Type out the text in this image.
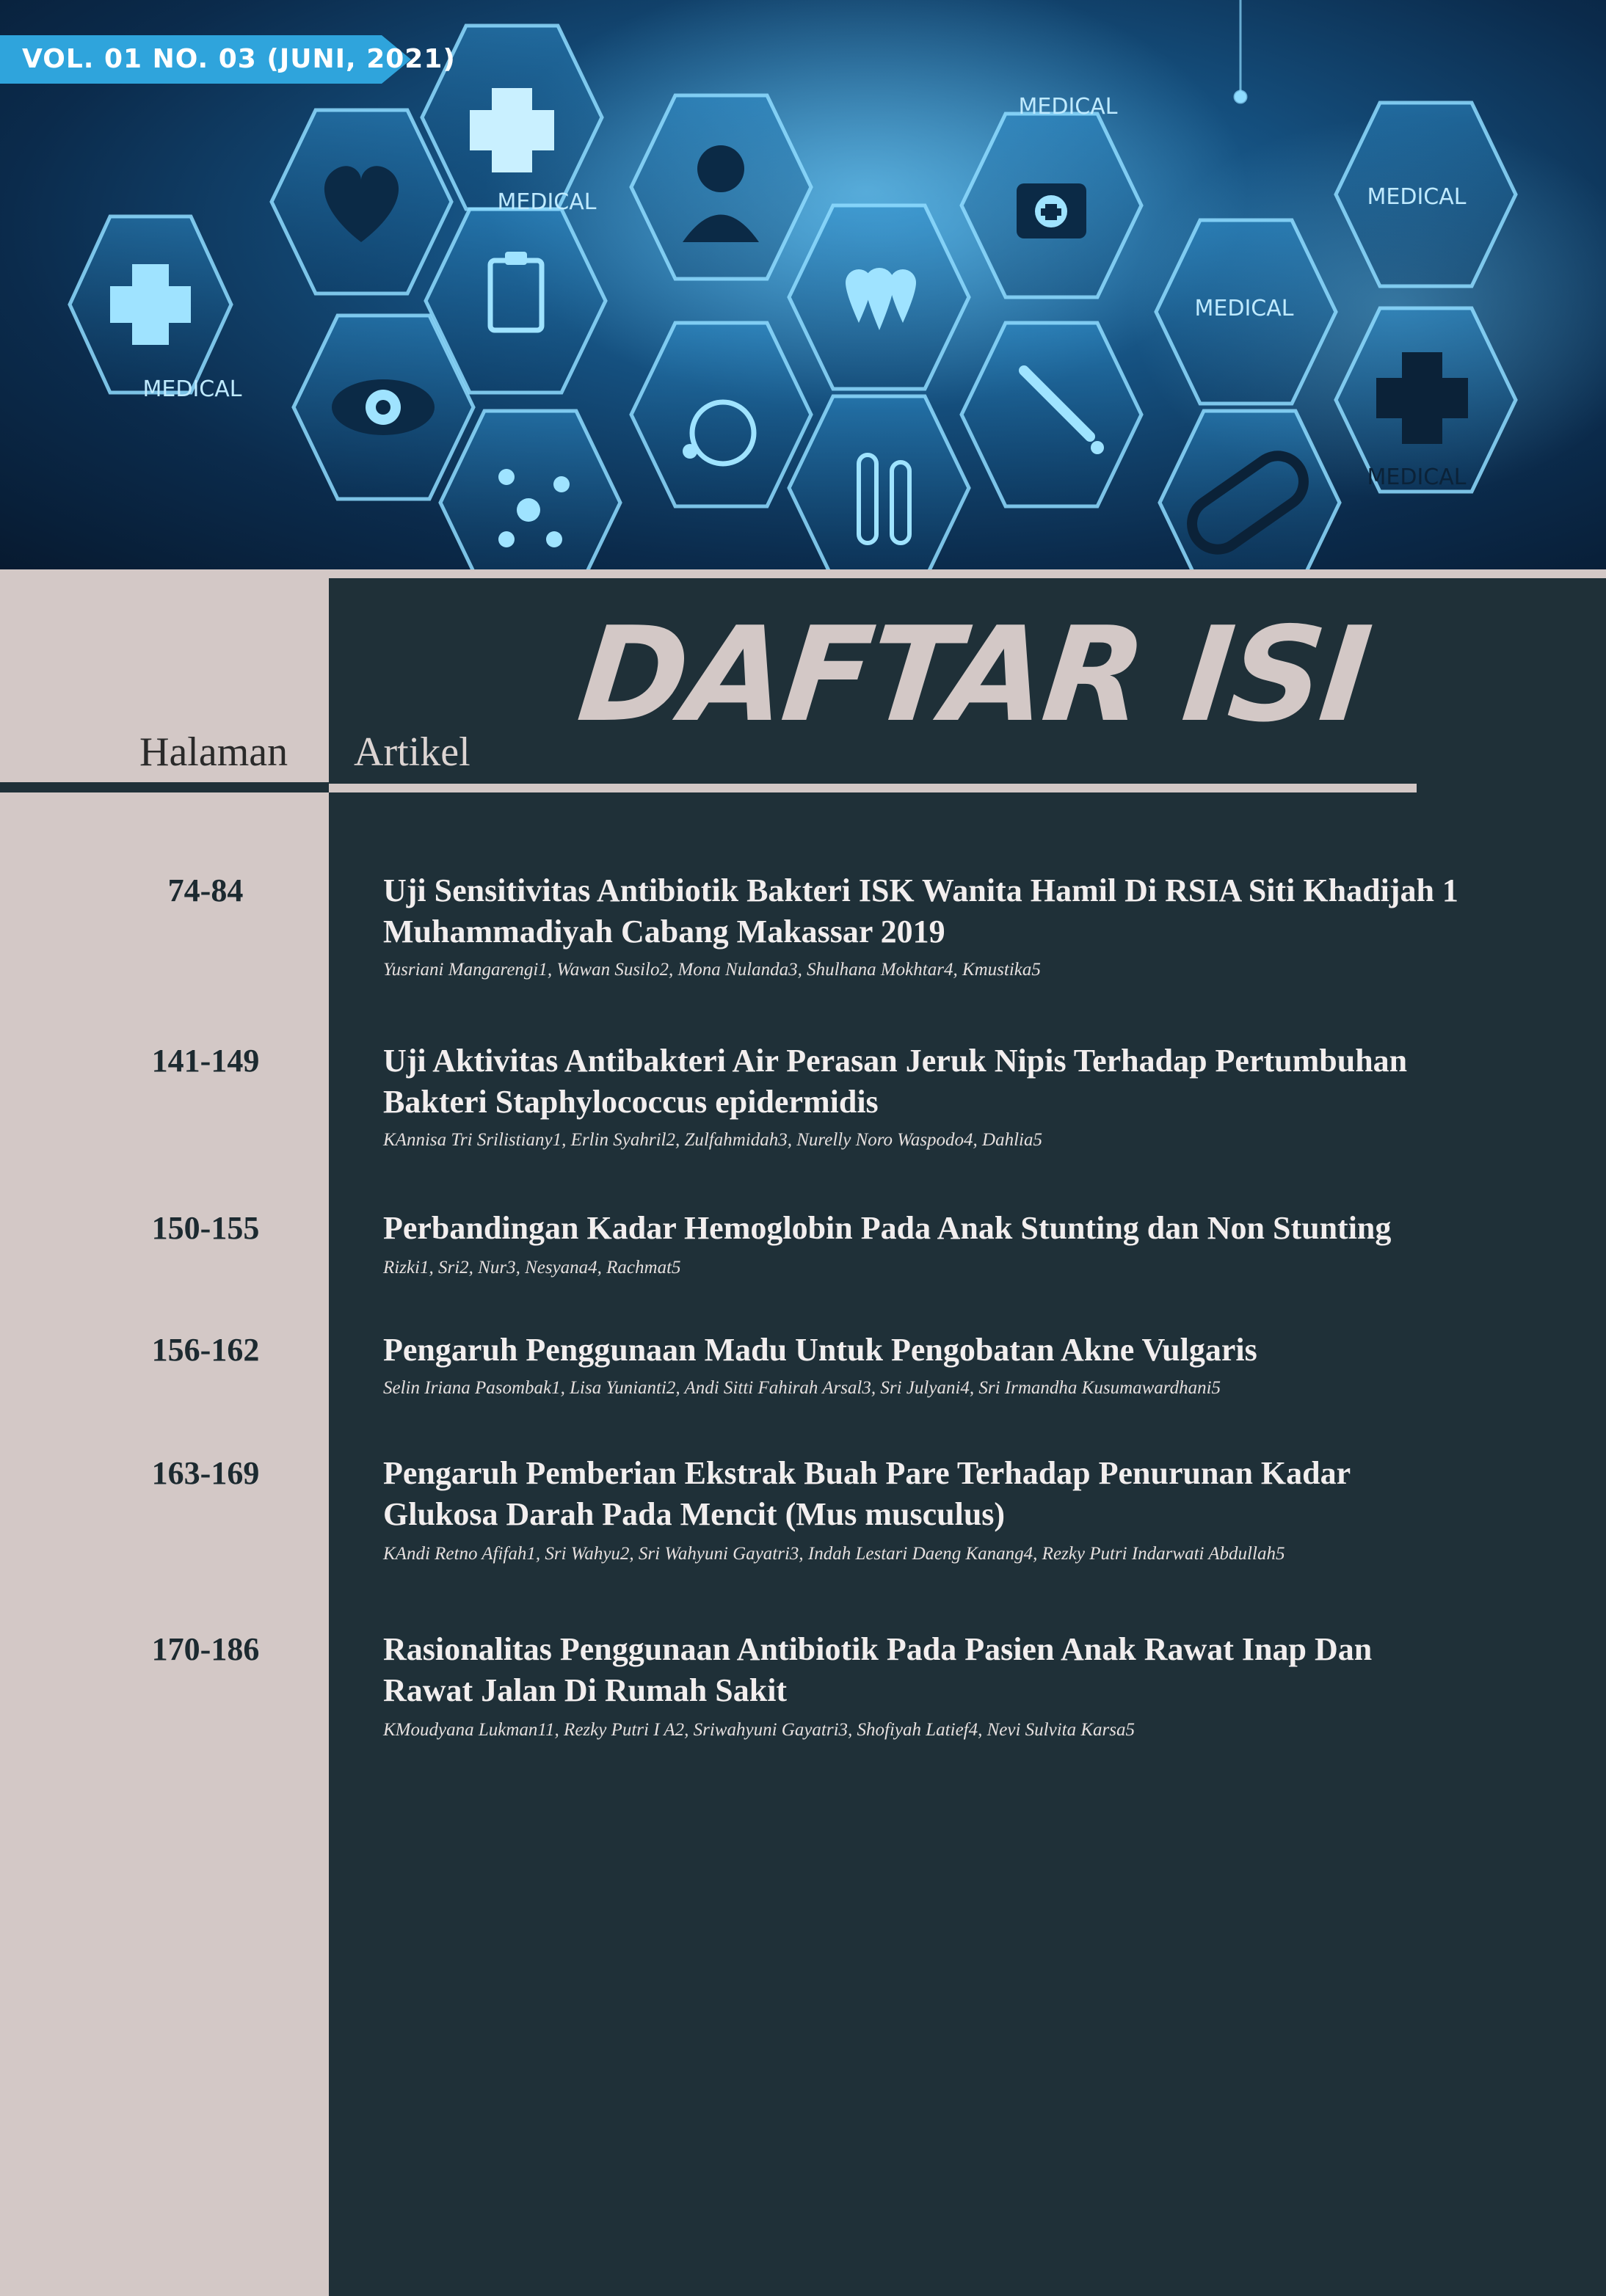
MEDICAL
MEDICAL
MEDICAL
MEDICAL
MEDICAL
MEDICAL
VOL. 01 NO. 03 (JUNI, 2021)
DAFTAR ISI
Halaman Artikel
74-84	Uji Sensitivitas Antibiotik Bakteri ISK Wanita Hamil Di RSIA Siti Khadijah 1
Muhammadiyah Cabang Makassar 2019
Yusriani Mangarengi1, Wawan Susilo2, Mona Nulanda3, Shulhana Mokhtar4, Kmustika5
141-149	Uji Aktivitas Antibakteri Air Perasan Jeruk Nipis Terhadap Pertumbuhan
Bakteri Staphylococcus epidermidis
KAnnisa Tri Srilistiany1, Erlin Syahril2, Zulfahmidah3, Nurelly Noro Waspodo4, Dahlia5
150-155	Perbandingan Kadar Hemoglobin Pada Anak Stunting dan Non Stunting
Rizki1, Sri2, Nur3, Nesyana4, Rachmat5
156-162	Pengaruh Penggunaan Madu Untuk Pengobatan Akne Vulgaris
Selin Iriana Pasombak1, Lisa Yunianti2, Andi Sitti Fahirah Arsal3, Sri Julyani4, Sri Irmandha Kusumawardhani5
163-169	Pengaruh Pemberian Ekstrak Buah Pare Terhadap Penurunan Kadar
Glukosa Darah Pada Mencit (Mus musculus)
KAndi Retno Afifah1, Sri Wahyu2, Sri Wahyuni Gayatri3, Indah Lestari Daeng Kanang4, Rezky Putri Indarwati Abdullah5
170-186	Rasionalitas Penggunaan Antibiotik Pada Pasien Anak Rawat Inap Dan
Rawat Jalan Di Rumah Sakit
KMoudyana Lukman11, Rezky Putri I A2, Sriwahyuni Gayatri3, Shofiyah Latief4, Nevi Sulvita Karsa5
